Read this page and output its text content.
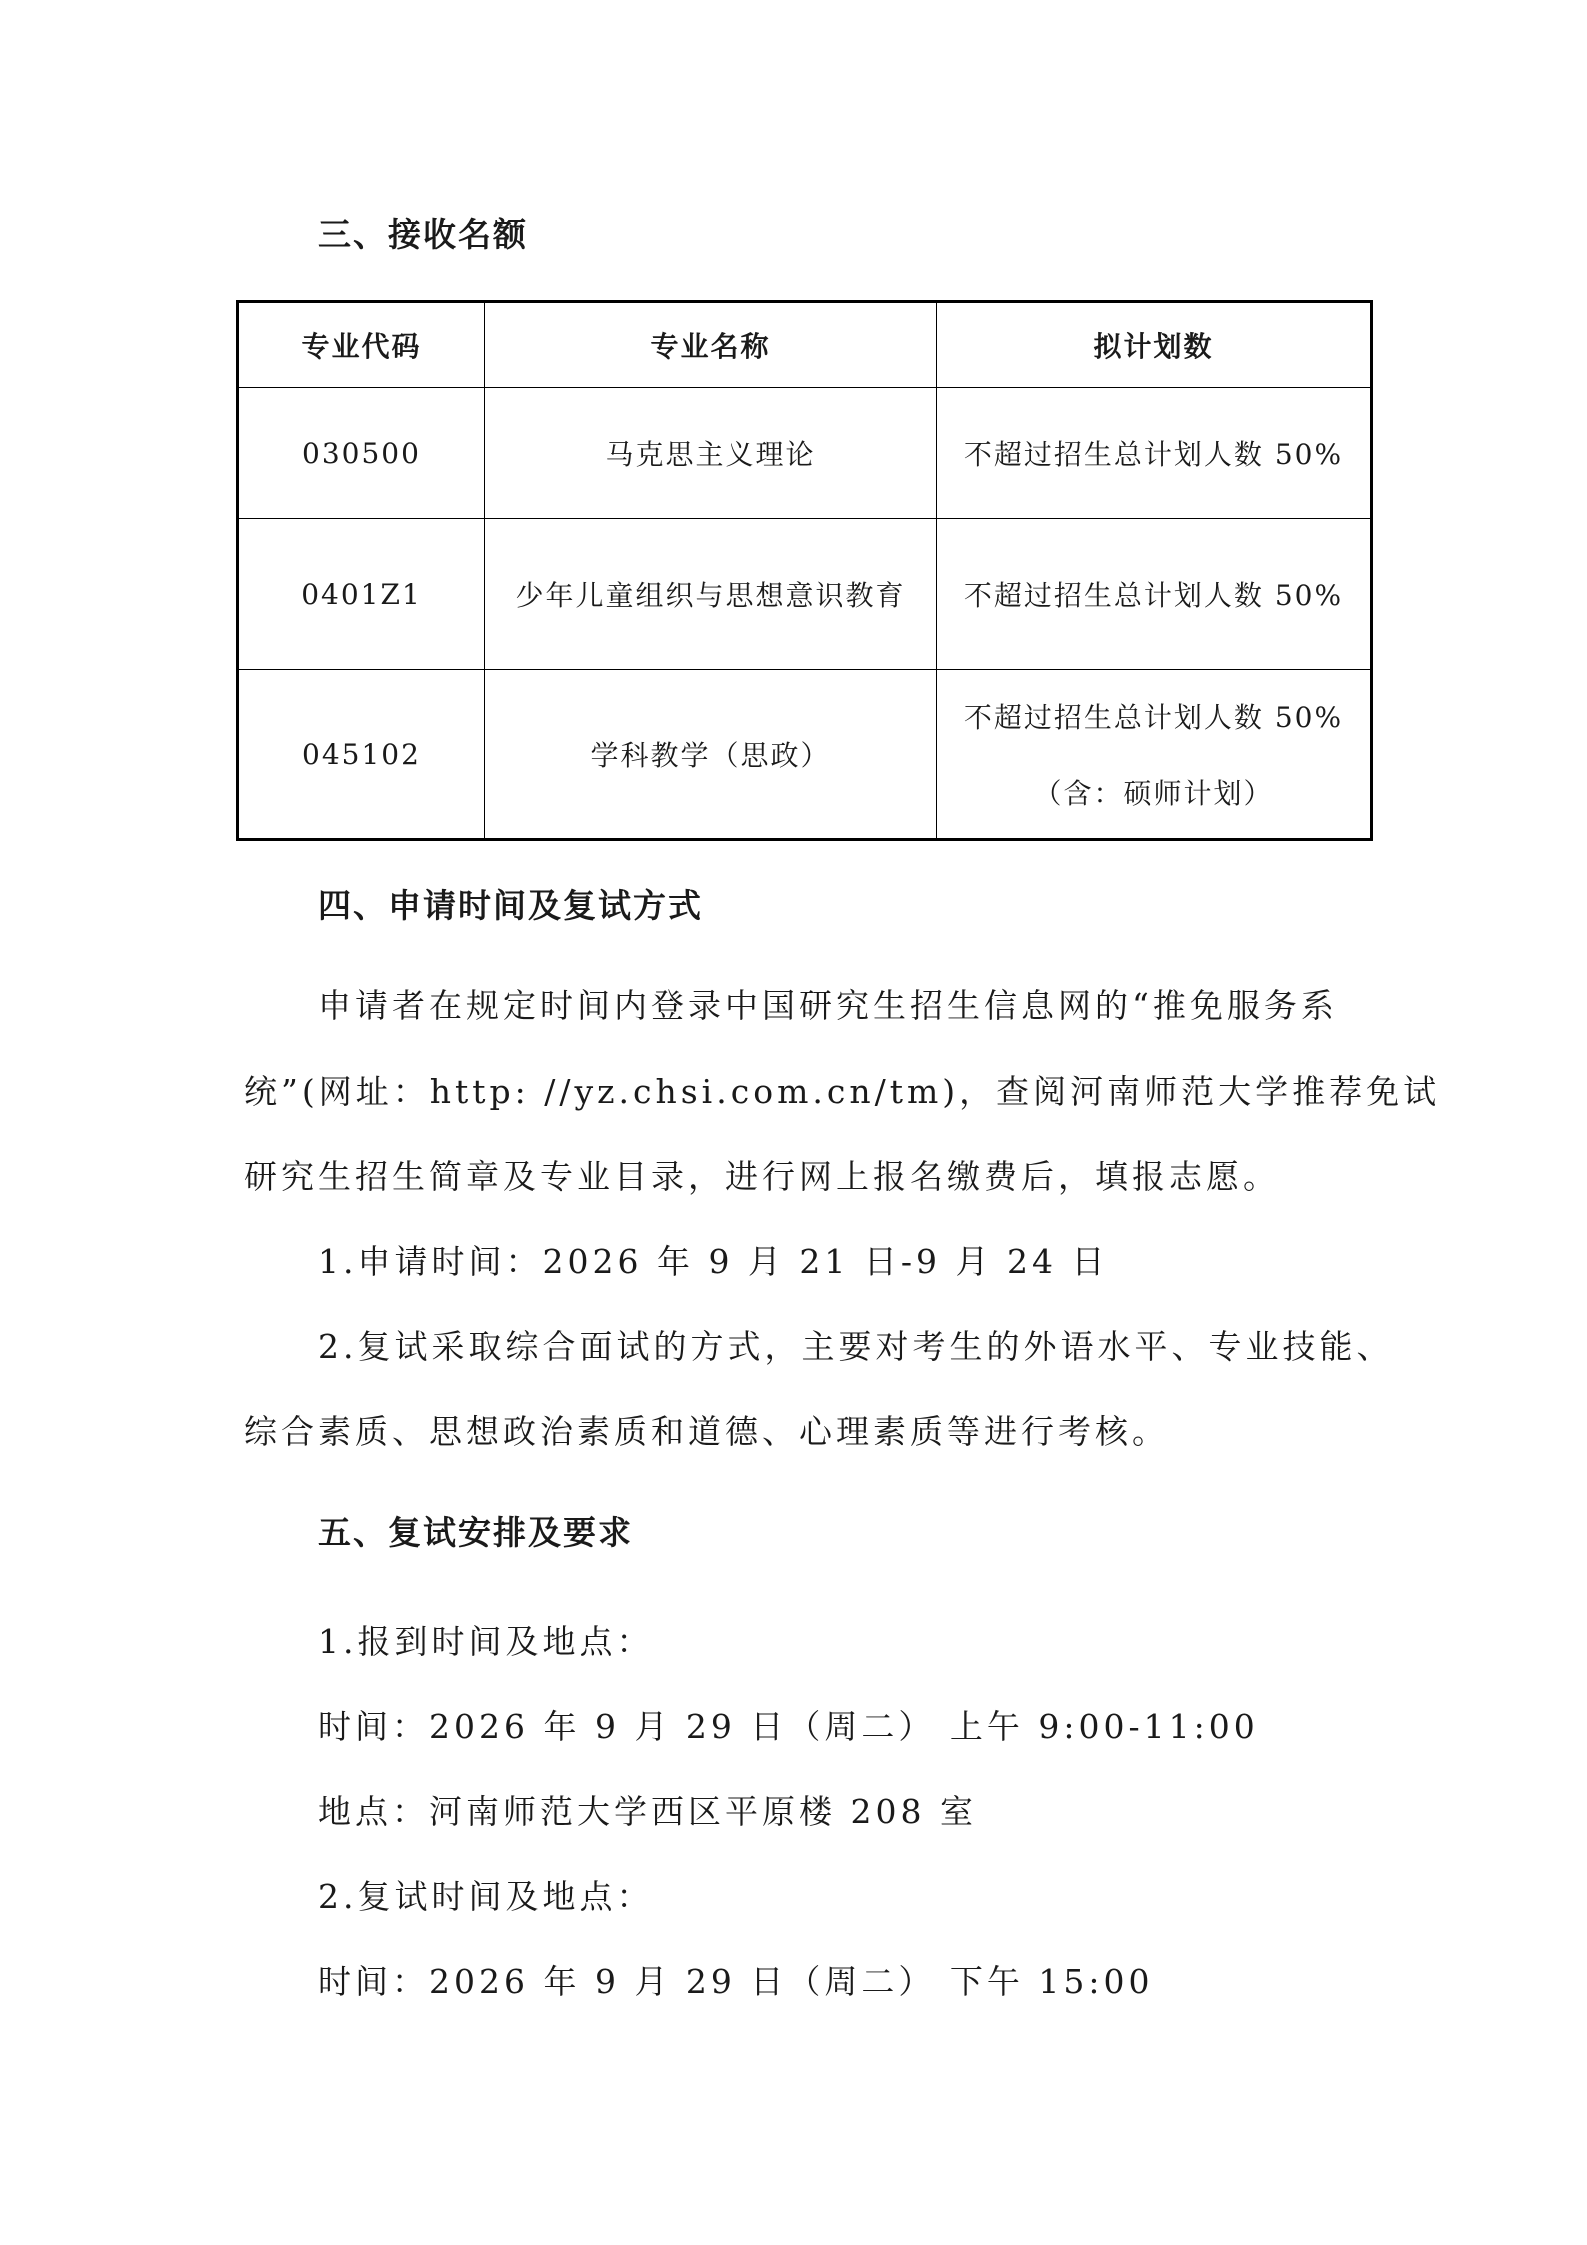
三、接收名额
专业代码	专业名称	拟计划数
030500	马克思主义理论	不超过招生总计划人数 50%
0401Z1	少年儿童组织与思想意识教育	不超过招生总计划人数 50%
045102	学科教学（思政）	不超过招生总计划人数 50%
（含：硕师计划）
四、申请时间及复试方式

申请者在规定时间内登录中国研究生招生信息网的“推免服务系

统”(网址：http: //yz.chsi.com.cn/tm)，查阅河南师范大学推荐免试

研究生招生简章及专业目录，进行网上报名缴费后，填报志愿。

1.申请时间：2026 年 9 月 21 日-9 月 24 日

2.复试采取综合面试的方式，主要对考生的外语水平、专业技能、

综合素质、思想政治素质和道德、心理素质等进行考核。

五、复试安排及要求

1.报到时间及地点：

时间：2026 年 9 月 29 日（周二） 上午 9:00-11:00

地点：河南师范大学西区平原楼 208 室

2.复试时间及地点：

时间：2026 年 9 月 29 日（周二） 下午 15:00
